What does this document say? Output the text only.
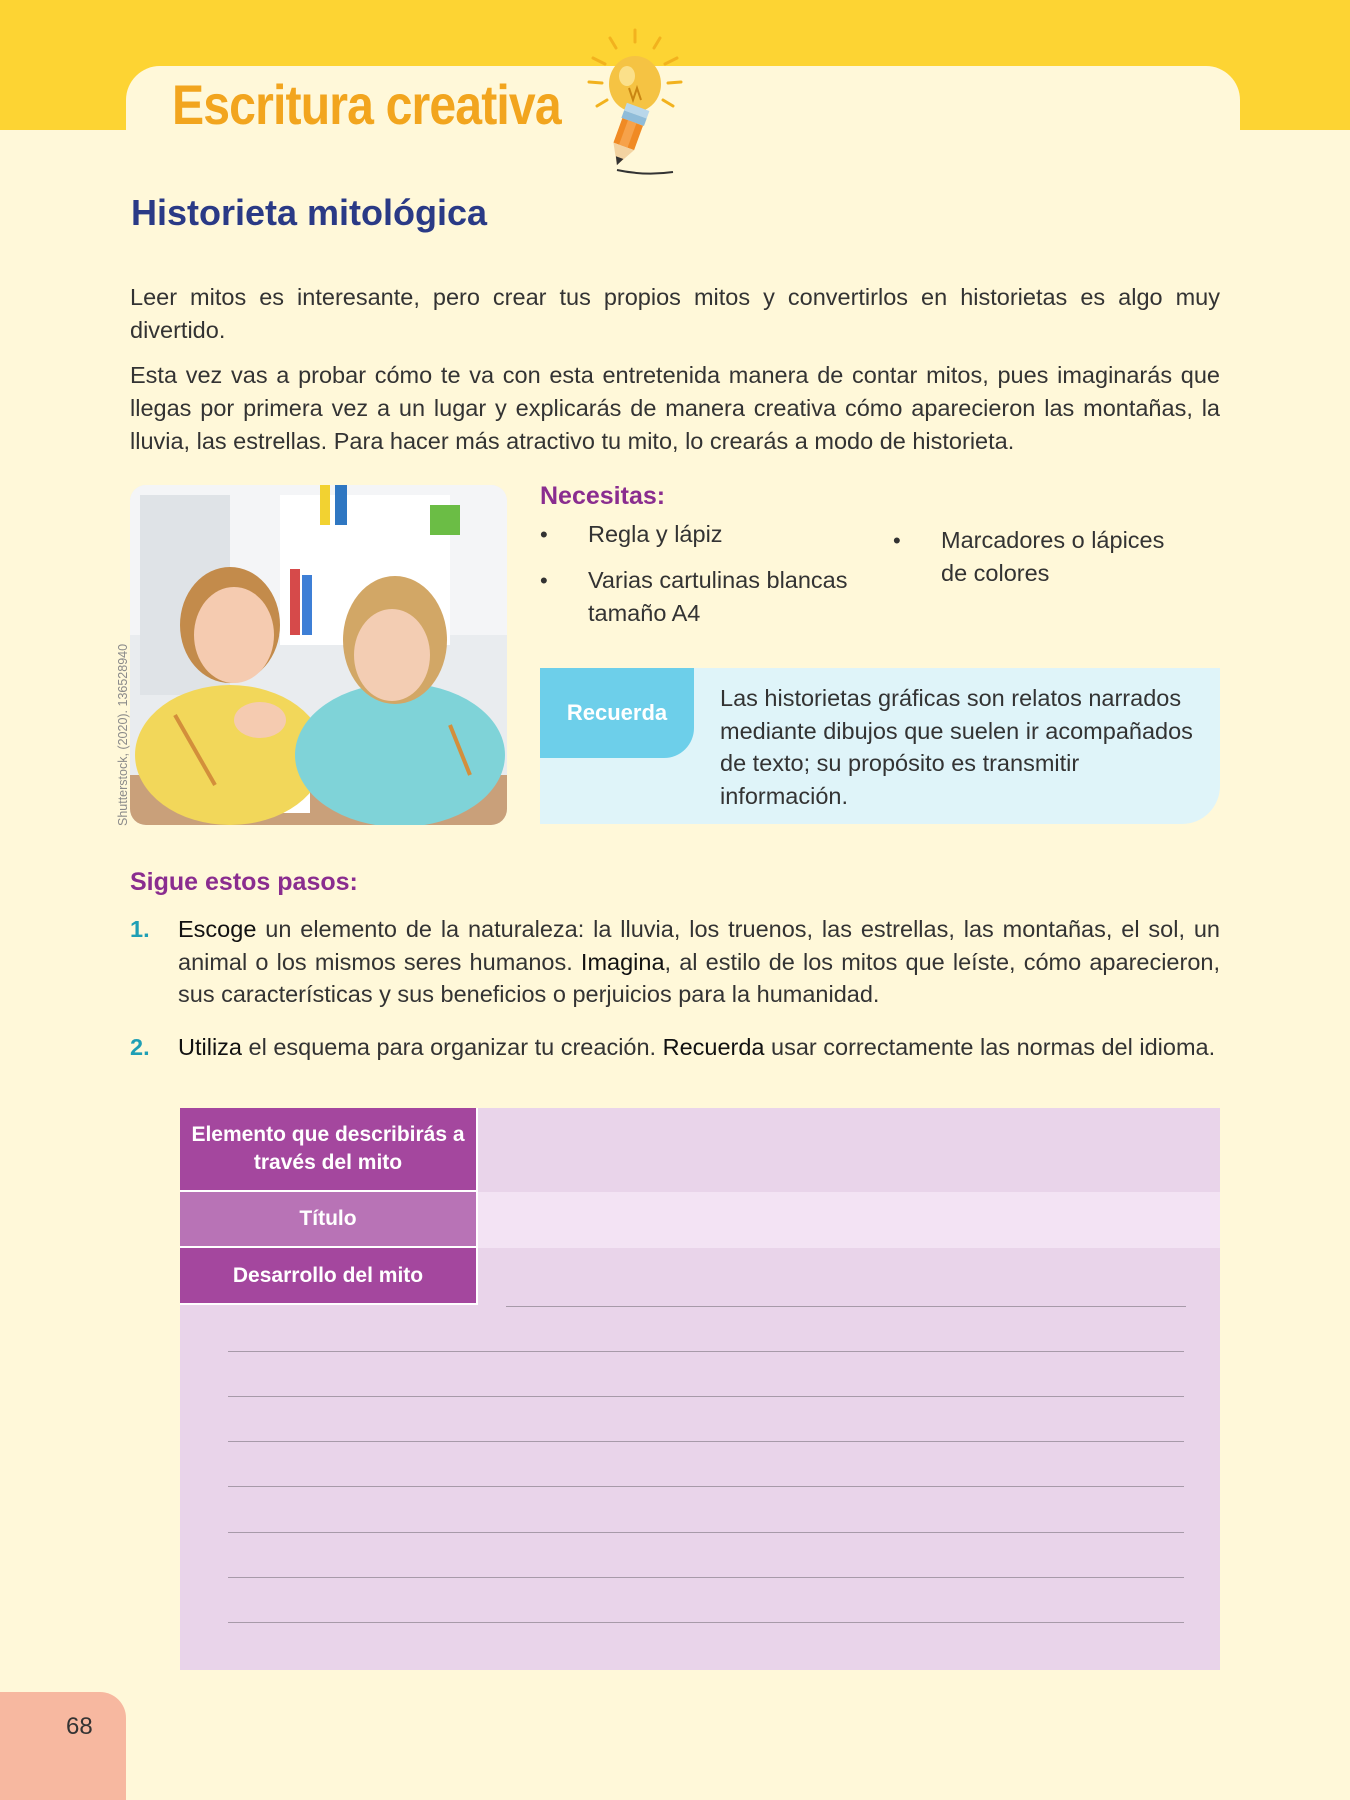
Escritura creativa
Historieta mitológica

Leer mitos es interesante, pero crear tus propios mitos y convertirlos en historietas es algo muy divertido.

Esta vez vas a probar cómo te va con esta entretenida manera de contar mitos, pues imaginarás que llegas por primera vez a un lugar y explicarás de manera creativa cómo aparecieron las montañas, la lluvia, las estrellas. Para hacer más atractivo tu mito, lo crearás a modo de historieta.

Shutterstock, (2020). 136528940
Necesitas:
• Regla y lápiz
• Varias cartulinas blancas tamaño A4
• Marcadores o lápices de colores
Recuerda

Las historietas gráficas son relatos narrados mediante dibujos que suelen ir acompañados de texto; su propósito es transmitir información.

Sigue estos pasos:
1. Escoge un elemento de la naturaleza: la lluvia, los truenos, las estrellas, las montañas, el sol, un animal o los mismos seres humanos. Imagina, al estilo de los mitos que leíste, cómo aparecieron, sus características y sus beneficios o perjuicios para la humanidad.
2. Utiliza el esquema para organizar tu creación. Recuerda usar correctamente las normas del idioma.
Elemento que describirás a través del mito
Título
Desarrollo del mito
68
